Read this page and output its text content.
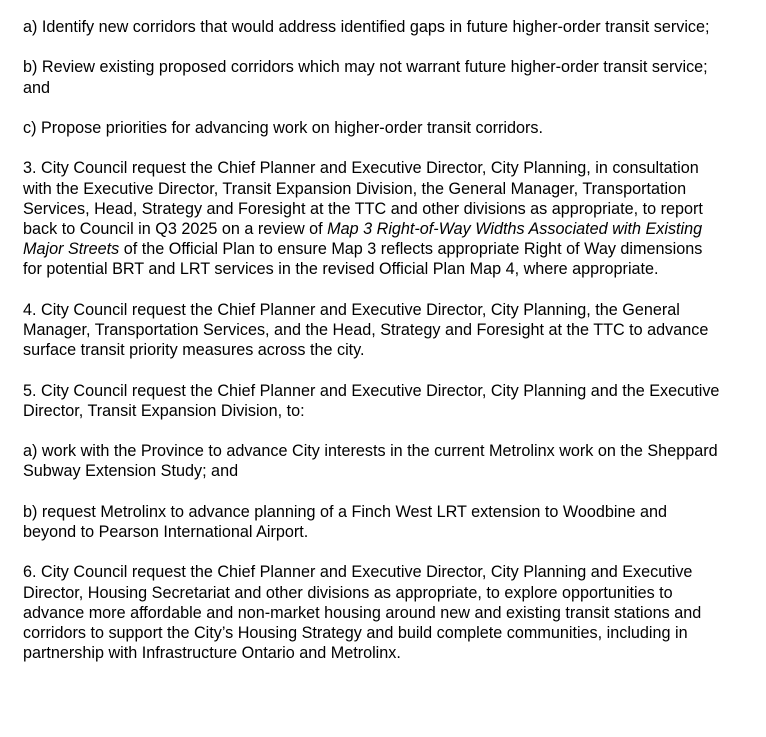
a) Identify new corridors that would address identified gaps in future higher-order transit service;

b) Review existing proposed corridors which may not warrant future higher-order transit service; and

c) Propose priorities for advancing work on higher-order transit corridors.

3. City Council request the Chief Planner and Executive Director, City Planning, in consultation with the Executive Director, Transit Expansion Division, the General Manager, Transportation Services, Head, Strategy and Foresight at the TTC and other divisions as appropriate, to report back to Council in Q3 2025 on a review of Map 3 Right-of-Way Widths Associated with Existing Major Streets of the Official Plan to ensure Map 3 reflects appropriate Right of Way dimensions for potential BRT and LRT services in the revised Official Plan Map 4, where appropriate.

4. City Council request the Chief Planner and Executive Director, City Planning, the General Manager, Transportation Services, and the Head, Strategy and Foresight at the TTC to advance surface transit priority measures across the city.

5. City Council request the Chief Planner and Executive Director, City Planning and the Executive Director, Transit Expansion Division, to:

a) work with the Province to advance City interests in the current Metrolinx work on the Sheppard Subway Extension Study; and

b) request Metrolinx to advance planning of a Finch West LRT extension to Woodbine and beyond to Pearson International Airport.

6. City Council request the Chief Planner and Executive Director, City Planning and Executive Director, Housing Secretariat and other divisions as appropriate, to explore opportunities to advance more affordable and non-market housing around new and existing transit stations and corridors to support the City’s Housing Strategy and build complete communities, including in partnership with Infrastructure Ontario and Metrolinx.
